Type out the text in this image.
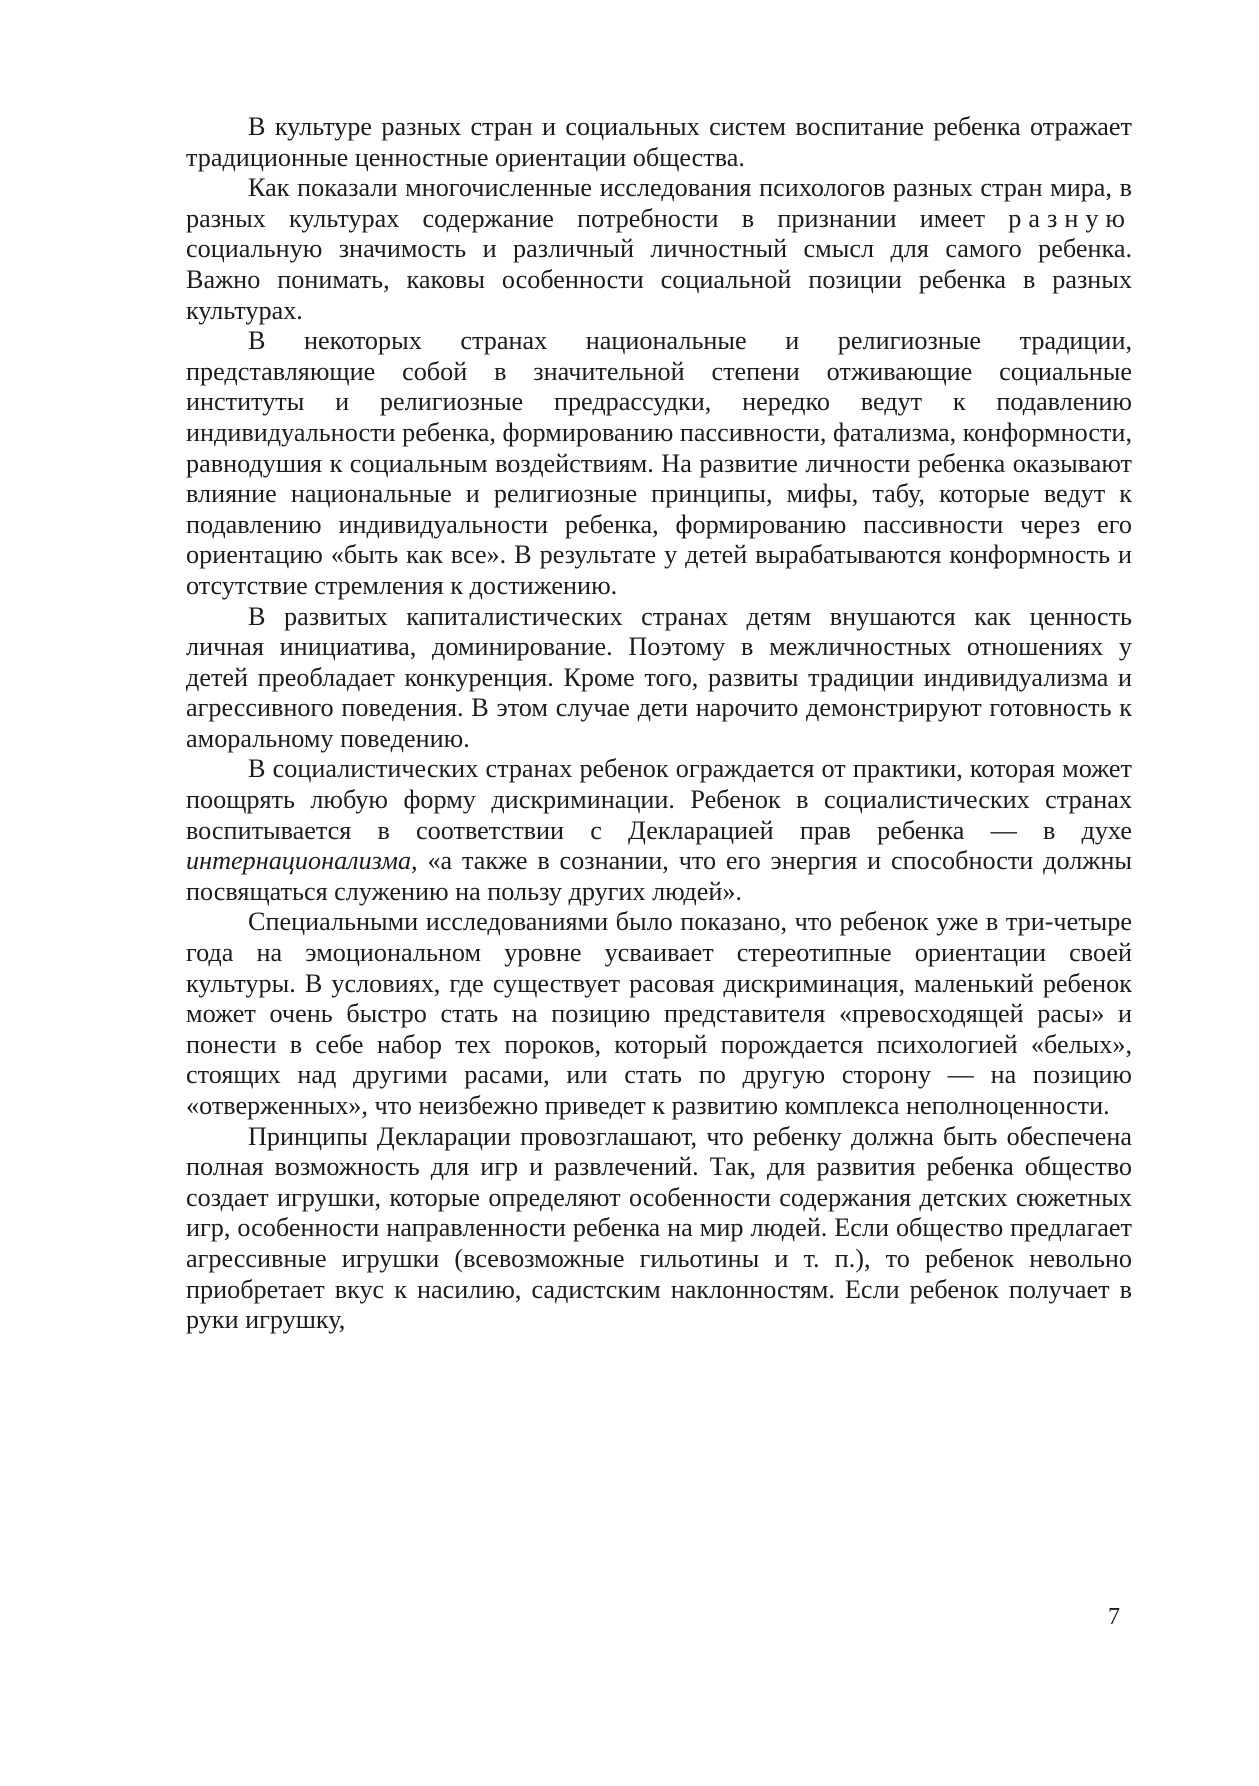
В культуре разных стран и социальных систем воспитание ребенка отражает традиционные ценностные ориентации общества.

Как показали многочисленные исследования психологов разных стран мира, в разных культурах содержание потребности в признании имеет разную социальную значимость и различный личностный смысл для самого ребенка. Важно понимать, каковы особенности социальной позиции ребенка в разных культурах.

В некоторых странах национальные и религиозные традиции, представляющие собой в значительной степени отживающие социальные институты и религиозные предрассудки, нередко ведут к подавлению индивидуальности ребенка, формированию пассивности, фатализма, конформности, равнодушия к социальным воздействиям. На развитие личности ребенка оказывают влияние национальные и религиозные принципы, мифы, табу, которые ведут к подавлению индивидуальности ребенка, формированию пассивности через его ориентацию «быть как все». В результате у детей вырабатываются конформность и отсутствие стремления к достижению.

В развитых капиталистических странах детям внушаются как ценность личная инициатива, доминирование. Поэтому в межличностных отношениях у детей преобладает конкуренция. Кроме того, развиты традиции индивидуализма и агрессивного поведения. В этом случае дети нарочито демонстрируют готовность к аморальному поведению.

В социалистических странах ребенок ограждается от практики, которая может поощрять любую форму дискриминации. Ребенок в социалистических странах воспитывается в соответствии с Декларацией прав ребенка — в духе интернационализма, «а также в сознании, что его энергия и способности должны посвящаться служению на пользу других людей».

Специальными исследованиями было показано, что ребенок уже в три-четыре года на эмоциональном уровне усваивает стереотипные ориентации своей культуры. В условиях, где существует расовая дискриминация, маленький ребенок может очень быстро стать на позицию представителя «превосходящей расы» и понести в себе набор тех пороков, который порождается психологией «белых», стоящих над другими расами, или стать по другую сторону — на позицию «отверженных», что неизбежно приведет к развитию комплекса неполноценности.

Принципы Декларации провозглашают, что ребенку должна быть обеспечена полная возможность для игр и развлечений. Так, для развития ребенка общество создает игрушки, которые определяют особенности содержания детских сюжетных игр, особенности направленности ребенка на мир людей. Если общество предлагает агрессивные игрушки (всевозможные гильотины и т. п.), то ребенок невольно приобретает вкус к насилию, садистским наклонностям. Если ребенок получает в руки игрушку,

7
